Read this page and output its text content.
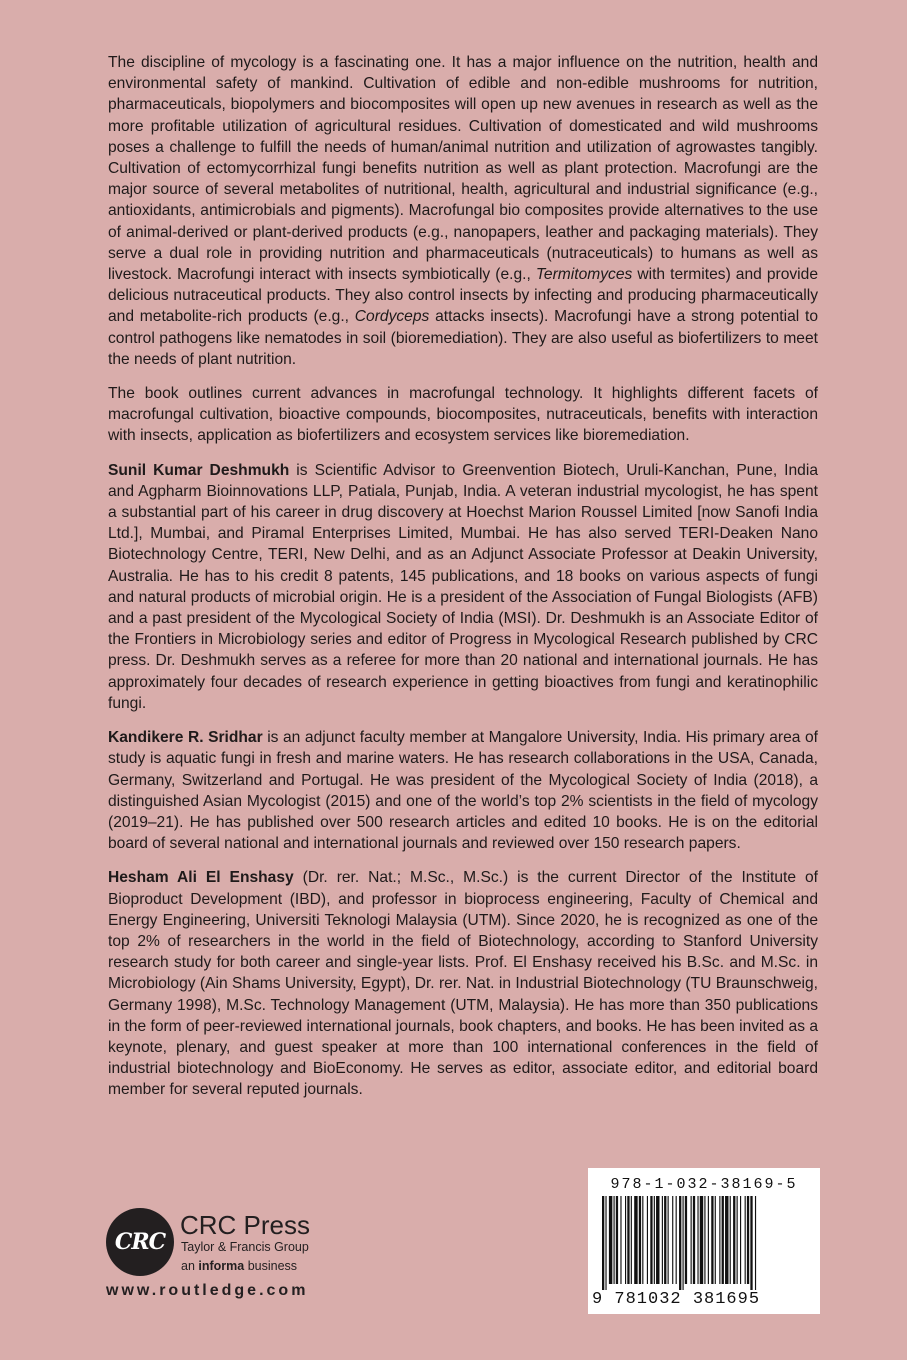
The discipline of mycology is a fascinating one. It has a major influence on the nutrition, health and environmental safety of mankind. Cultivation of edible and non-edible mushrooms for nutrition, pharmaceuticals, biopolymers and biocomposites will open up new avenues in research as well as the more profitable utilization of agricultural residues. Cultivation of domesticated and wild mushrooms poses a challenge to fulfill the needs of human/animal nutrition and utilization of agrowastes tangibly. Cultivation of ectomycorrhizal fungi benefits nutrition as well as plant protection. Macrofungi are the major source of several metabolites of nutritional, health, agricultural and industrial significance (e.g., antioxidants, antimicrobials and pigments). Macrofungal bio composites provide alternatives to the use of animal-derived or plant-derived products (e.g., nanopapers, leather and packaging materials). They serve a dual role in providing nutrition and pharmaceuticals (nutraceuticals) to humans as well as livestock. Macrofungi interact with insects symbiotically (e.g., Termitomyces with termites) and provide delicious nutraceutical products. They also control insects by infecting and producing pharmaceutically and metabolite-rich products (e.g., Cordyceps attacks insects). Macrofungi have a strong potential to control pathogens like nematodes in soil (bioremediation). They are also useful as biofertilizers to meet the needs of plant nutrition.

The book outlines current advances in macrofungal technology. It highlights different facets of macrofungal cultivation, bioactive compounds, biocomposites, nutraceuticals, benefits with interaction with insects, application as biofertilizers and ecosystem services like bioremediation.

Sunil Kumar Deshmukh is Scientific Advisor to Greenvention Biotech, Uruli-Kanchan, Pune, India and Agpharm Bioinnovations LLP, Patiala, Punjab, India. A veteran industrial mycologist, he has spent a substantial part of his career in drug discovery at Hoechst Marion Roussel Limited [now Sanofi India Ltd.], Mumbai, and Piramal Enterprises Limited, Mumbai. He has also served TERI-Deaken Nano Biotechnology Centre, TERI, New Delhi, and as an Adjunct Associate Professor at Deakin University, Australia. He has to his credit 8 patents, 145 publications, and 18 books on various aspects of fungi and natural products of microbial origin. He is a president of the Association of Fungal Biologists (AFB) and a past president of the Mycological Society of India (MSI). Dr. Deshmukh is an Associate Editor of the Frontiers in Microbiology series and editor of Progress in Mycological Research published by CRC press. Dr. Deshmukh serves as a referee for more than 20 national and international journals. He has approximately four decades of research experience in getting bioactives from fungi and keratinophilic fungi.

Kandikere R. Sridhar is an adjunct faculty member at Mangalore University, India. His primary area of study is aquatic fungi in fresh and marine waters. He has research collaborations in the USA, Canada, Germany, Switzerland and Portugal. He was president of the Mycological Society of India (2018), a distinguished Asian Mycologist (2015) and one of the world’s top 2% scientists in the field of mycology (2019–21). He has published over 500 research articles and edited 10 books. He is on the editorial board of several national and international journals and reviewed over 150 research papers.

Hesham Ali El Enshasy (Dr. rer. Nat.; M.Sc., M.Sc.) is the current Director of the Institute of Bioproduct Development (IBD), and professor in bioprocess engineering, Faculty of Chemical and Energy Engineering, Universiti Teknologi Malaysia (UTM). Since 2020, he is recognized as one of the top 2% of researchers in the world in the field of Biotechnology, according to Stanford University research study for both career and single-year lists. Prof. El Enshasy received his B.Sc. and M.Sc. in Microbiology (Ain Shams University, Egypt), Dr. rer. Nat. in Industrial Biotechnology (TU Braunschweig, Germany 1998), M.Sc. Technology Management (UTM, Malaysia). He has more than 350 publications in the form of peer-reviewed international journals, book chapters, and books. He has been invited as a keynote, plenary, and guest speaker at more than 100 international conferences in the field of industrial biotechnology and BioEconomy. He serves as editor, associate editor, and editorial board member for several reputed journals.

CRC
CRC Press
Taylor & Francis Group
an informa business
www.routledge.com
978-1-032-38169-5
9 781032 381695
